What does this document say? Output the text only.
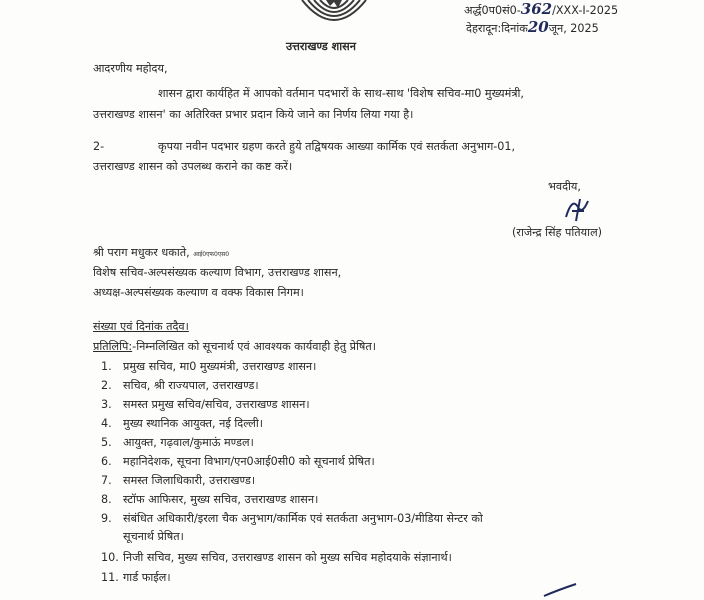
अर्द्ध0प0सं0-362/XXX-I-2025
देहरादून:दिनांक20जून, 2025
उत्तराखण्ड शासन
आदरणीय महोदय,
शासन द्वारा कार्यहित में आपको वर्तमान पदभारों के साथ-साथ 'विशेष सचिव-मा0 मुख्यमंत्री,
उत्तराखण्ड शासन' का अतिरिक्त प्रभार प्रदान किये जाने का निर्णय लिया गया है।
2-	कृपया नवीन पदभार ग्रहण करते हुये तद्विषयक आख्या कार्मिक एवं सतर्कता अनुभाग-01,
उत्तराखण्ड शासन को उपलब्ध कराने का कष्ट करें।
भवदीय,
(राजेन्द्र सिंह पतियाल)
श्री पराग मधुकर धकाते, आई0एफ0एस0
विशेष सचिव-अल्पसंख्यक कल्याण विभाग, उत्तराखण्ड शासन,
अध्यक्ष-अल्पसंख्यक कल्याण व वक्फ विकास निगम।
संख्या एवं दिनांक तदैव।
प्रतिलिपि:-निम्नलिखित को सूचनार्थ एवं आवश्यक कार्यवाही हेतु प्रेषित।
1. प्रमुख सचिव, मा0 मुख्यमंत्री, उत्तराखण्ड शासन।
2. सचिव, श्री राज्यपाल, उत्तराखण्ड।
3. समस्त प्रमुख सचिव/सचिव, उत्तराखण्ड शासन।
4. मुख्य स्थानिक आयुक्त, नई दिल्ली।
5. आयुक्त, गढ़वाल/कुमाऊं मण्डल।
6. महानिदेशक, सूचना विभाग/एन0आई0सी0 को सूचनार्थ प्रेषित।
7. समस्त जिलाधिकारी, उत्तराखण्ड।
8. स्टॉफ आफिसर, मुख्य सचिव, उत्तराखण्ड शासन।
9. संबंधित अधिकारी/इरला चैक अनुभाग/कार्मिक एवं सतर्कता अनुभाग-03/मीडिया सेन्टर को
सूचनार्थ प्रेषित।
10. निजी सचिव, मुख्य सचिव, उत्तराखण्ड शासन को मुख्य सचिव महोदयाके संज्ञानार्थ।
11. गार्ड फाईल।
